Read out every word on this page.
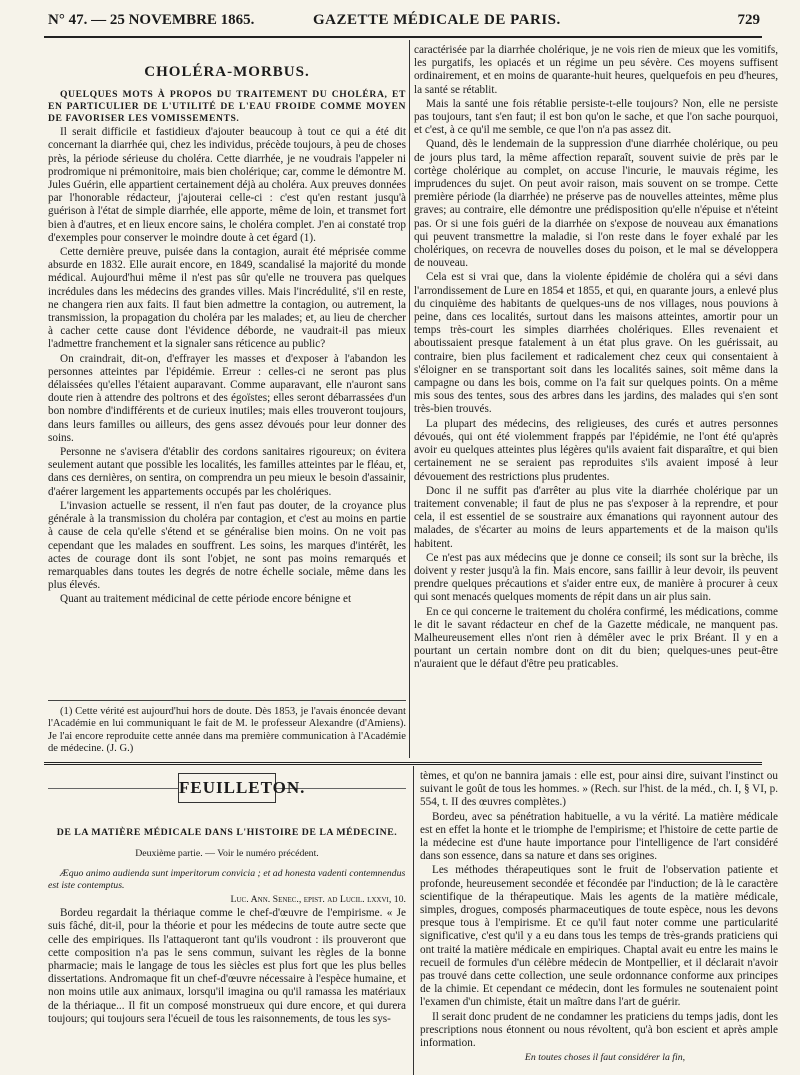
N° 47. — 25 NOVEMBRE 1865.	GAZETTE MÉDICALE DE PARIS.	729
CHOLÉRA-MORBUS.

QUELQUES MOTS À PROPOS DU TRAITEMENT DU CHOLÉRA, ET EN PARTICULIER DE L'UTILITÉ DE L'EAU FROIDE COMME MOYEN DE FAVORISER LES VOMISSEMENTS.

Il serait difficile et fastidieux d'ajouter beaucoup à tout ce qui a été dit concernant la diarrhée qui, chez les individus, précède toujours, à peu de choses près, la période sérieuse du choléra. Cette diarrhée, je ne voudrais l'appeler ni prodromique ni prémonitoire, mais bien cholérique; car, comme le démontre M. Jules Guérin, elle appartient certainement déjà au choléra. Aux preuves données par l'honorable rédacteur, j'ajouterai celle-ci : c'est qu'en restant jusqu'à guérison à l'état de simple diarrhée, elle apporte, même de loin, et transmet fort bien à d'autres, et en lieux encore sains, le choléra complet. J'en ai constaté trop d'exemples pour conserver le moindre doute à cet égard (1).

Cette dernière preuve, puisée dans la contagion, aurait été méprisée comme absurde en 1832. Elle aurait encore, en 1849, scandalisé la majorité du monde médical. Aujourd'hui même il n'est pas sûr qu'elle ne trouvera pas quelques incrédules dans les médecins des grandes villes. Mais l'incrédulité, s'il en reste, ne changera rien aux faits. Il faut bien admettre la contagion, ou autrement, la transmission, la propagation du choléra par les malades; et, au lieu de chercher à cacher cette cause dont l'évidence déborde, ne vaudrait-il pas mieux l'admettre franchement et la signaler sans réticence au public?

On craindrait, dit-on, d'effrayer les masses et d'exposer à l'abandon les personnes atteintes par l'épidémie. Erreur : celles-ci ne seront pas plus délaissées qu'elles l'étaient auparavant. Comme auparavant, elle n'auront sans doute rien à attendre des poltrons et des égoïstes; elles seront débarrassées d'un bon nombre d'indifférents et de curieux inutiles; mais elles trouveront toujours, dans leurs familles ou ailleurs, des gens assez dévoués pour leur donner des soins.

Personne ne s'avisera d'établir des cordons sanitaires rigoureux; on évitera seulement autant que possible les localités, les familles atteintes par le fléau, et, dans ces dernières, on sentira, on comprendra un peu mieux le besoin d'assainir, d'aérer largement les appartements occupés par les cholériques.

L'invasion actuelle se ressent, il n'en faut pas douter, de la croyance plus générale à la transmission du choléra par contagion, et c'est au moins en partie à cause de cela qu'elle s'étend et se généralise bien moins. On ne voit pas cependant que les malades en souffrent. Les soins, les marques d'intérêt, les actes de courage dont ils sont l'objet, ne sont pas moins remarqués et remarquables dans toutes les degrés de notre échelle sociale, même dans les plus élevés.

Quant au traitement médicinal de cette période encore bénigne et

(1) Cette vérité est aujourd'hui hors de doute. Dès 1853, je l'avais énoncée devant l'Académie en lui communiquant le fait de M. le professeur Alexandre (d'Amiens). Je l'ai encore reproduite cette année dans ma première communication à l'Académie de médecine. (J. G.)

caractérisée par la diarrhée cholérique, je ne vois rien de mieux que les vomitifs, les purgatifs, les opiacés et un régime un peu sévère. Ces moyens suffisent ordinairement, et en moins de quarante-huit heures, quelquefois en peu d'heures, la santé se rétablit.

Mais la santé une fois rétablie persiste-t-elle toujours? Non, elle ne persiste pas toujours, tant s'en faut; il est bon qu'on le sache, et que l'on sache pourquoi, et c'est, à ce qu'il me semble, ce que l'on n'a pas assez dit.

Quand, dès le lendemain de la suppression d'une diarrhée cholérique, ou peu de jours plus tard, la même affection reparaît, souvent suivie de près par le cortège cholérique au complet, on accuse l'incurie, le mauvais régime, les imprudences du sujet. On peut avoir raison, mais souvent on se trompe. Cette première période (la diarrhée) ne préserve pas de nouvelles atteintes, même plus graves; au contraire, elle démontre une prédisposition qu'elle n'épuise et n'éteint pas. Or si une fois guéri de la diarrhée on s'expose de nouveau aux émanations qui peuvent transmettre la maladie, si l'on reste dans le foyer exhalé par les cholériques, on recevra de nouvelles doses du poison, et le mal se développera de nouveau.

Cela est si vrai que, dans la violente épidémie de choléra qui a sévi dans l'arrondissement de Lure en 1854 et 1855, et qui, en quarante jours, a enlevé plus du cinquième des habitants de quelques-uns de nos villages, nous pouvions à peine, dans ces localités, surtout dans les maisons atteintes, amortir pour un temps très-court les simples diarrhées cholériques. Elles revenaient et aboutissaient presque fatalement à un état plus grave. On les guérissait, au contraire, bien plus facilement et radicalement chez ceux qui consentaient à s'éloigner en se transportant soit dans les localités saines, soit même dans la campagne ou dans les bois, comme on l'a fait sur quelques points. On a même mis sous des tentes, sous des arbres dans les jardins, des malades qui s'en sont très-bien trouvés.

La plupart des médecins, des religieuses, des curés et autres personnes dévoués, qui ont été violemment frappés par l'épidémie, ne l'ont été qu'après avoir eu quelques atteintes plus légères qu'ils avaient fait disparaître, et qui bien certainement ne se seraient pas reproduites s'ils avaient imposé à leur dévouement des restrictions plus prudentes.

Donc il ne suffit pas d'arrêter au plus vite la diarrhée cholérique par un traitement convenable; il faut de plus ne pas s'exposer à la reprendre, et pour cela, il est essentiel de se soustraire aux émanations qui rayonnent autour des malades, de s'écarter au moins de leurs appartements et de la maison qu'ils habitent.

Ce n'est pas aux médecins que je donne ce conseil; ils sont sur la brèche, ils doivent y rester jusqu'à la fin. Mais encore, sans faillir à leur devoir, ils peuvent prendre quelques précautions et s'aider entre eux, de manière à procurer à ceux qui sont menacés quelques moments de répit dans un air plus sain.

En ce qui concerne le traitement du choléra confirmé, les médications, comme le dit le savant rédacteur en chef de la Gazette médicale, ne manquent pas. Malheureusement elles n'ont rien à démêler avec le prix Bréant. Il y en a pourtant un certain nombre dont on dit du bien; quelques-unes peut-être n'auraient que le défaut d'être peu praticables.

FEUILLETON.
DE LA MATIÈRE MÉDICALE DANS L'HISTOIRE DE LA MÉDECINE.
Deuxième partie. — Voir le numéro précédent.

Æquo animo audienda sunt imperitorum convicia ; et ad honesta vadenti contemnendus est iste contemptus.

Luc. Ann. Senec., epist. ad Lucil. lxxvi, 10.

Bordeu regardait la thériaque comme le chef-d'œuvre de l'empirisme. « Je suis fâché, dit-il, pour la théorie et pour les médecins de toute autre secte que celle des empiriques. Ils l'attaqueront tant qu'ils voudront : ils prouveront que cette composition n'a pas le sens commun, suivant les règles de la bonne pharmacie; mais le langage de tous les siècles est plus fort que les plus belles dissertations. Andromaque fit un chef-d'œuvre nécessaire à l'espèce humaine, et non moins utile aux animaux, lorsqu'il imagina ou qu'il ramassa les matériaux de la thériaque... Il fit un composé monstrueux qui dure encore, et qui durera toujours; qui toujours sera l'écueil de tous les raisonnements, de tous les sys-

tèmes, et qu'on ne bannira jamais : elle est, pour ainsi dire, suivant l'instinct ou suivant le goût de tous les hommes. » (Rech. sur l'hist. de la méd., ch. I, § VI, p. 554, t. II des œuvres complètes.)

Bordeu, avec sa pénétration habituelle, a vu la vérité. La matière médicale est en effet la honte et le triomphe de l'empirisme; et l'histoire de cette partie de la médecine est d'une haute importance pour l'intelligence de l'art considéré dans son essence, dans sa nature et dans ses origines.

Les méthodes thérapeutiques sont le fruit de l'observation patiente et profonde, heureusement secondée et fécondée par l'induction; de là le caractère scientifique de la thérapeutique. Mais les agents de la matière médicale, simples, drogues, composés pharmaceutiques de toute espèce, nous les devons presque tous à l'empirisme. Et ce qu'il faut noter comme une particularité significative, c'est qu'il y a eu dans tous les temps de très-grands praticiens qui ont traité la matière médicale en empiriques. Chaptal avait eu entre les mains le recueil de formules d'un célèbre médecin de Montpellier, et il déclarait n'avoir pas trouvé dans cette collection, une seule ordonnance conforme aux principes de la chimie. Et cependant ce médecin, dont les formules ne soutenaient point l'examen d'un chimiste, était un maître dans l'art de guérir.

Il serait donc prudent de ne condamner les praticiens du temps jadis, dont les prescriptions nous étonnent ou nous révoltent, qu'à bon escient et après ample information.

En toutes choses il faut considérer la fin,
